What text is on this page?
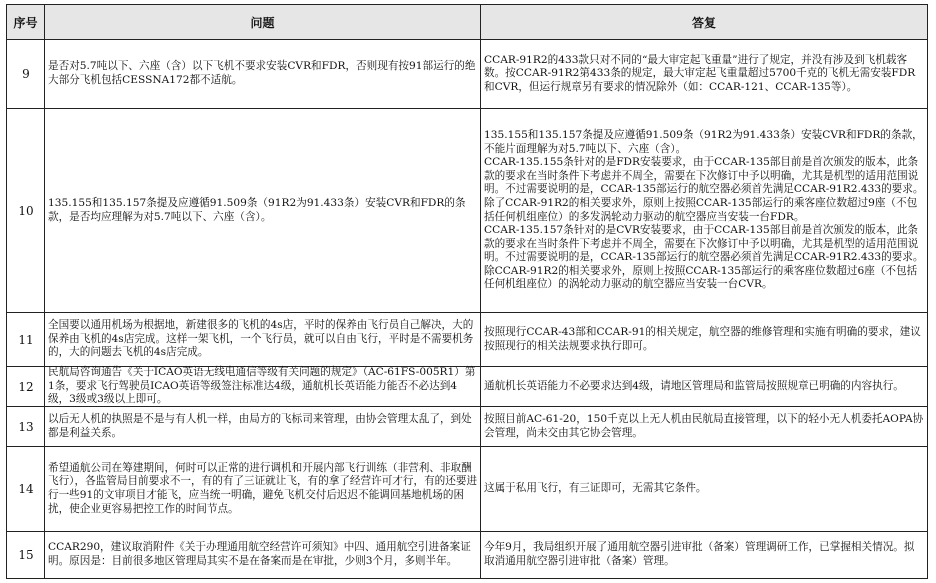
序号	问题	答复
9
是否对5.7吨以下、六座（含）以下飞机不要求安装CVR和FDR，否则现有按91部运行的绝大部分飞机包括CESSNA172都不适航。
CCAR-91R2的433款只对不同的“最大审定起飞重量”进行了规定，并没有涉及到飞机载客数。按CCAR-91R2第433条的规定，最大审定起飞重量超过5700千克的飞机无需安装FDR和CVR，但运行规章另有要求的情况除外（如：CCAR-121、CCAR-135等）。
10
135.155和135.157条提及应遵循91.509条（91R2为91.433条）安装CVR和FDR的条款，是否均应理解为对5.7吨以下、六座（含）。
135.155和135.157条提及应遵循91.509条（91R2为91.433条）安装CVR和FDR的条款，不能片面理解为对5.7吨以下、六座（含）。
CCAR-135.155条针对的是FDR安装要求，由于CCAR-135部目前是首次颁发的版本，此条款的要求在当时条件下考虑并不周全，需要在下次修订中予以明确，尤其是机型的适用范围说明。不过需要说明的是，CCAR-135部运行的航空器必须首先满足CCAR-91R2.433的要求。除了CCAR-91R2的相关要求外，原则上按照CCAR-135部运行的乘客座位数超过9座（不包括任何机组座位）的多发涡轮动力驱动的航空器应当安装一台FDR。
CCAR-135.157条针对的是CVR安装要求，由于CCAR-135部目前是首次颁发的版本，此条款的要求在当时条件下考虑并不周全，需要在下次修订中予以明确，尤其是机型的适用范围说明。不过需要说明的是，CCAR-135部运行的航空器必须首先满足CCAR-91R2.433的要求。除CCAR-91R2的相关要求外，原则上按照CCAR-135部运行的乘客座位数超过6座（不包括任何机组座位）的涡轮动力驱动的航空器应当安装一台CVR。
11
全国要以通用机场为根据地，新建很多的飞机的4s店，平时的保养由飞行员自己解决，大的保养由飞机的4s店完成。这样一架飞机，一个飞行员，就可以自由飞行，平时是不需要机务的，大的问题去飞机的4s店完成。
按照现行CCAR-43部和CCAR-91的相关规定，航空器的维修管理和实施有明确的要求，建议按照现行的相关法规要求执行即可。
12
民航局咨询通告《关于ICAO英语无线电通信等级有关问题的规定》（AC-61FS-005R1）第1条，要求飞行驾驶员ICAO英语等级签注标准达4级，通航机长英语能力能否不必达到4级，3级或3级以上即可。
通航机长英语能力不必要求达到4级，请地区管理局和监管局按照规章已明确的内容执行。
13
以后无人机的执照是不是与有人机一样，由局方的飞标司来管理，由协会管理太乱了，到处都是利益关系。
按照目前AC-61-20，150千克以上无人机由民航局直接管理，以下的轻小无人机委托AOPA协会管理，尚未交由其它协会管理。
14
希望通航公司在筹建期间，何时可以正常的进行调机和开展内部飞行训练（非营利、非取酬飞行），各监管局目前要求不一，有的有了三证就让飞，有的拿了经营许可才行，有的还要进行一些91的文审项目才能飞，应当统一明确，避免飞机交付后迟迟不能调回基地机场的困扰，使企业更容易把控工作的时间节点。
这属于私用飞行，有三证即可，无需其它条件。
15
CCAR290，建议取消附件《关于办理通用航空经营许可须知》中四、通用航空引进备案证明。原因是：目前很多地区管理局其实不是在备案而是在审批，少则3个月，多则半年。
今年9月，我局组织开展了通用航空器引进审批（备案）管理调研工作，已掌握相关情况。拟取消通用航空器引进审批（备案）管理。
